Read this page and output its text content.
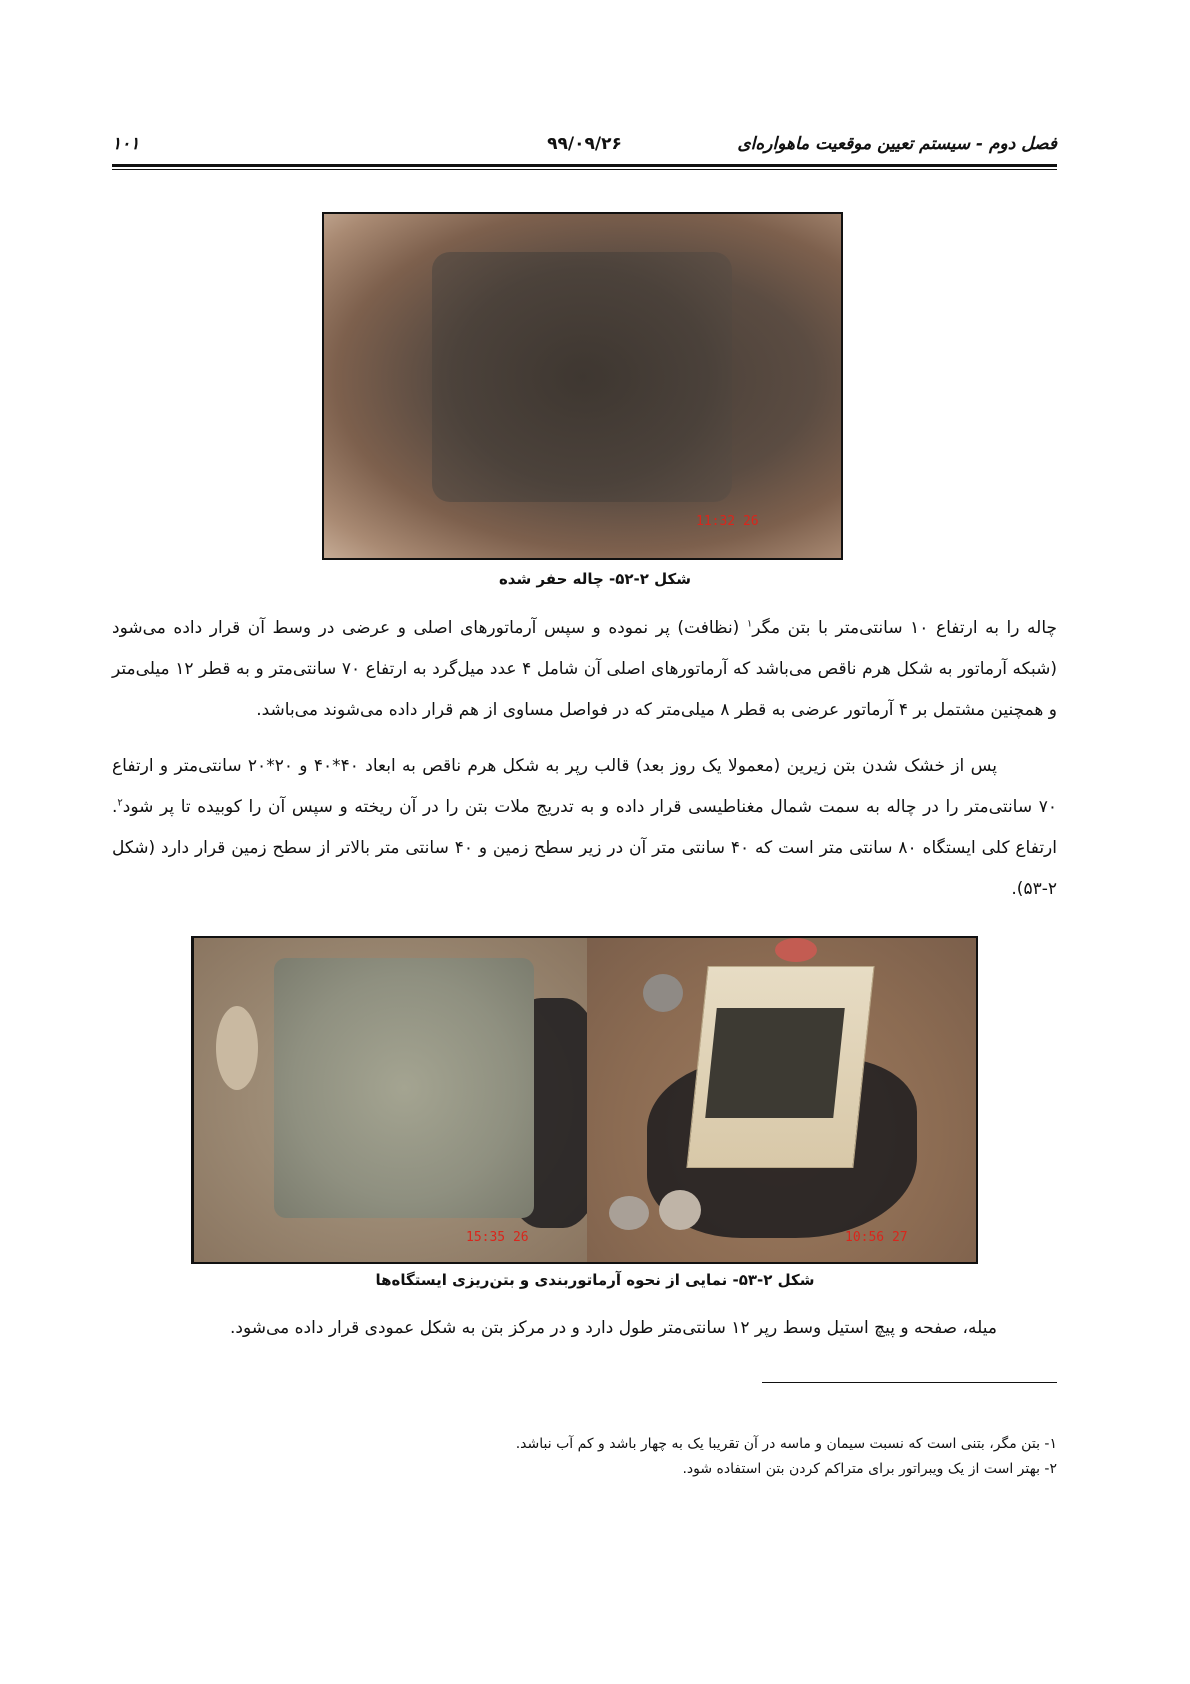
فصل دوم - سیستم تعیین موقعیت ماهواره‌ای
۹۹/۰۹/۲۶
۱۰۱
26 11:32
شکل ۲-۵۲- چاله حفر شده

چاله را به ارتفاع ۱۰ سانتی‌متر با بتن مگر$^۱$ (نظافت) پر نموده و سپس آرماتورهای اصلی و عرضی در وسط آن قرار داده می‌شود (شبکه آرماتور به شکل هرم ناقص می‌باشد که آرماتورهای اصلی آن شامل ۴ عدد میل‌گرد به ارتفاع ۷۰ سانتی‌متر و به قطر ۱۲ میلی‌متر و همچنین مشتمل بر ۴ آرماتور عرضی به قطر ۸ میلی‌متر که در فواصل مساوی از هم قرار داده می‌شوند می‌باشد.

پس از خشک شدن بتن زیرین (معمولا یک روز بعد) قالب رپر به شکل هرم ناقص به ابعاد ۴۰*۴۰ و ۲۰*۲۰ سانتی‌متر و ارتفاع ۷۰ سانتی‌متر را در چاله به سمت شمال مغناطیسی قرار داده و به تدریج ملات بتن را در آن ریخته و سپس آن را کوبیده تا پر شود$^۲$. ارتفاع کلی ایستگاه ۸۰ سانتی متر است که ۴۰ سانتی متر آن در زیر سطح زمین و ۴۰ سانتی متر بالاتر از سطح زمین قرار دارد (شکل ۲-۵۳).

27 10:56
26 15:35
شکل ۲-۵۳- نمایی از نحوه آرماتوربندی و بتن‌ریزی ایستگاه‌ها

میله، صفحه و پیچ استیل وسط رپر ۱۲ سانتی‌متر طول دارد و در مرکز بتن به شکل عمودی قرار داده می‌شود.

۱- بتن مگر، بتنی است که نسبت سیمان و ماسه در آن تقریبا یک به چهار باشد و کم آب نباشد.
۲- بهتر است از یک ویبراتور برای متراکم کردن بتن استفاده شود.
